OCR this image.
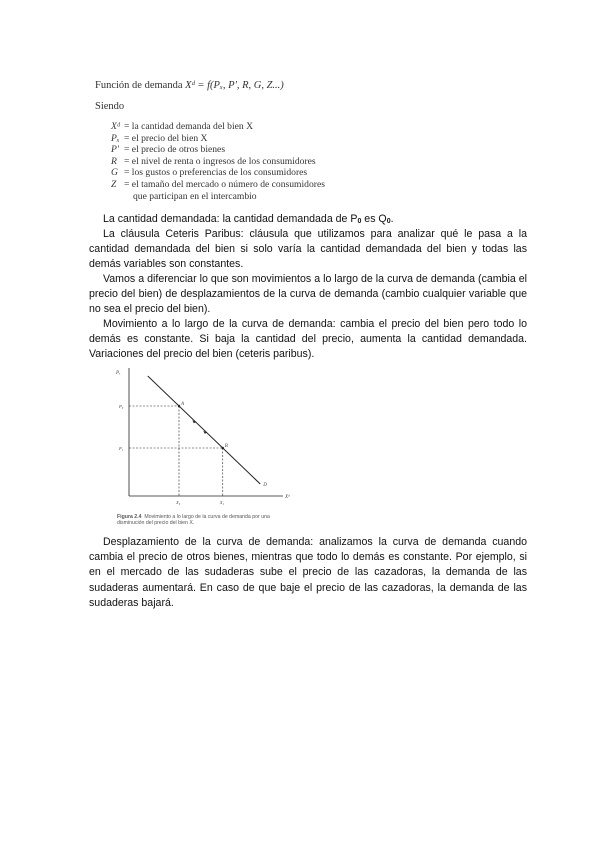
Función de demanda Xᵈ = f(Pₓ, P', R, G, Z...)
Siendo
Xᵈ = la cantidad demanda del bien X
Pₓ = el precio del bien X
P' = el precio de otros bienes
R = el nivel de renta o ingresos de los consumidores
G = los gustos o preferencias de los consumidores
Z = el tamaño del mercado o número de consumidores
que participan en el intercambio
La cantidad demandada: la cantidad demandada de $P_0$ es $Q_0$.
La cláusula Ceteris Paribus: cláusula que utilizamos para analizar qué le pasa a la cantidad demandada del bien si solo varía la cantidad demandada del bien y todas las demás variables son constantes.
Vamos a diferenciar lo que son movimientos a lo largo de la curva de demanda (cambia el precio del bien) de desplazamientos de la curva de demanda (cambio cualquier variable que no sea el precio del bien).
Movimiento a lo largo de la curva de demanda: cambia el precio del bien pero todo lo demás es constante. Si baja la cantidad del precio, aumenta la cantidad demandada. Variaciones del precio del bien (ceteris paribus).
Pₓ
Xᵈ
D
A
P₀
X₀
B
P₁
X₁
Figura 2.4 Movimiento a lo largo de la curva de demanda por una disminución del precio del bien X.
Desplazamiento de la curva de demanda: analizamos la curva de demanda cuando cambia el precio de otros bienes, mientras que todo lo demás es constante. Por ejemplo, si en el mercado de las sudaderas sube el precio de las cazadoras, la demanda de las sudaderas aumentará. En caso de que baje el precio de las cazadoras, la demanda de las sudaderas bajará.
